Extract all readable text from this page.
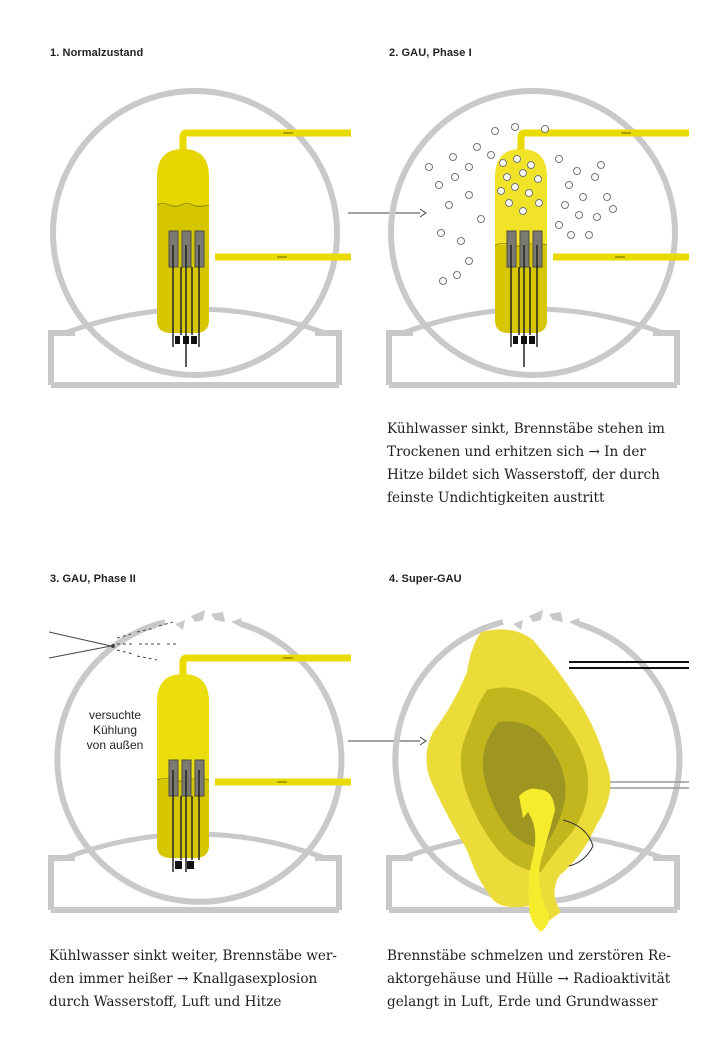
1. Normalzustand	2. GAU, Phase I
3. GAU, Phase II	4. Super-GAU
Kühlwasser sinkt, Brennstäbe stehen im
Trockenen und erhitzen sich → In der
Hitze bildet sich Wasserstoff, der durch
feinste Undichtigkeiten austritt
versuchte
Kühlung
von außen
Kühlwasser sinkt weiter, Brennstäbe wer-
den immer heißer → Knallgasexplosion
durch Wasserstoff, Luft und Hitze
Brennstäbe schmelzen und zerstören Re-
aktorgehäuse und Hülle → Radioaktivität
gelangt in Luft, Erde und Grundwasser
